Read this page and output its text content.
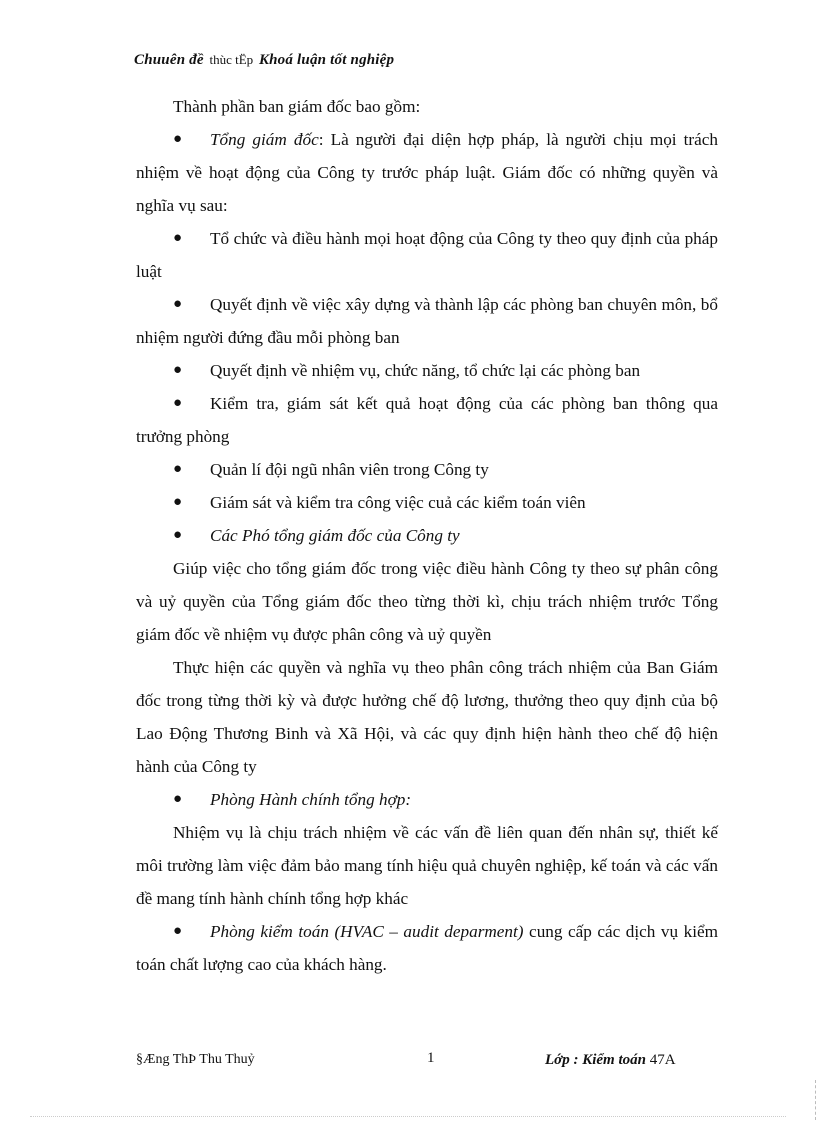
Chuuên đề thùc tËp Khoá luận tốt nghiệp

Thành phần ban giám đốc bao gồm:

● Tổng giám đốc: Là người đại diện hợp pháp, là người chịu mọi trách nhiệm về hoạt động của Công ty trước pháp luật. Giám đốc có những quyền và nghĩa vụ sau:

● Tổ chức và điều hành mọi hoạt động của Công ty theo quy định của pháp luật

● Quyết định về việc xây dựng và thành lập các phòng ban chuyên môn, bổ nhiệm người đứng đầu mỗi phòng ban

● Quyết định về nhiệm vụ, chức năng, tổ chức lại các phòng ban

● Kiểm tra, giám sát kết quả hoạt động của các phòng ban thông qua trưởng phòng

● Quản lí đội ngũ nhân viên trong Công ty

● Giám sát và kiểm tra công việc cuả các kiểm toán viên

● Các Phó tổng giám đốc của Công ty

Giúp việc cho tổng giám đốc trong việc điều hành Công ty theo sự phân công và uỷ quyền của Tổng giám đốc theo từng thời kì, chịu trách nhiệm trước Tổng giám đốc về nhiệm vụ được phân công và uỷ quyền

Thực hiện các quyền và nghĩa vụ theo phân công trách nhiệm của Ban Giám đốc trong từng thời kỳ và được hưởng chế độ lương, thưởng theo quy định của bộ Lao Động Thương Binh và Xã Hội, và các quy định hiện hành theo chế độ hiện hành của Công ty

● Phòng Hành chính tổng hợp:

Nhiệm vụ là chịu trách nhiệm về các vấn đề liên quan đến nhân sự, thiết kế môi trường làm việc đảm bảo mang tính hiệu quả chuyên nghiệp, kế toán và các vấn đề mang tính hành chính tổng hợp khác

● Phòng kiểm toán (HVAC – audit deparment) cung cấp các dịch vụ kiểm toán chất lượng cao của khách hàng.

§Æng ThÞ Thu Thuỷ	1	Lớp : Kiểm toán 47A
